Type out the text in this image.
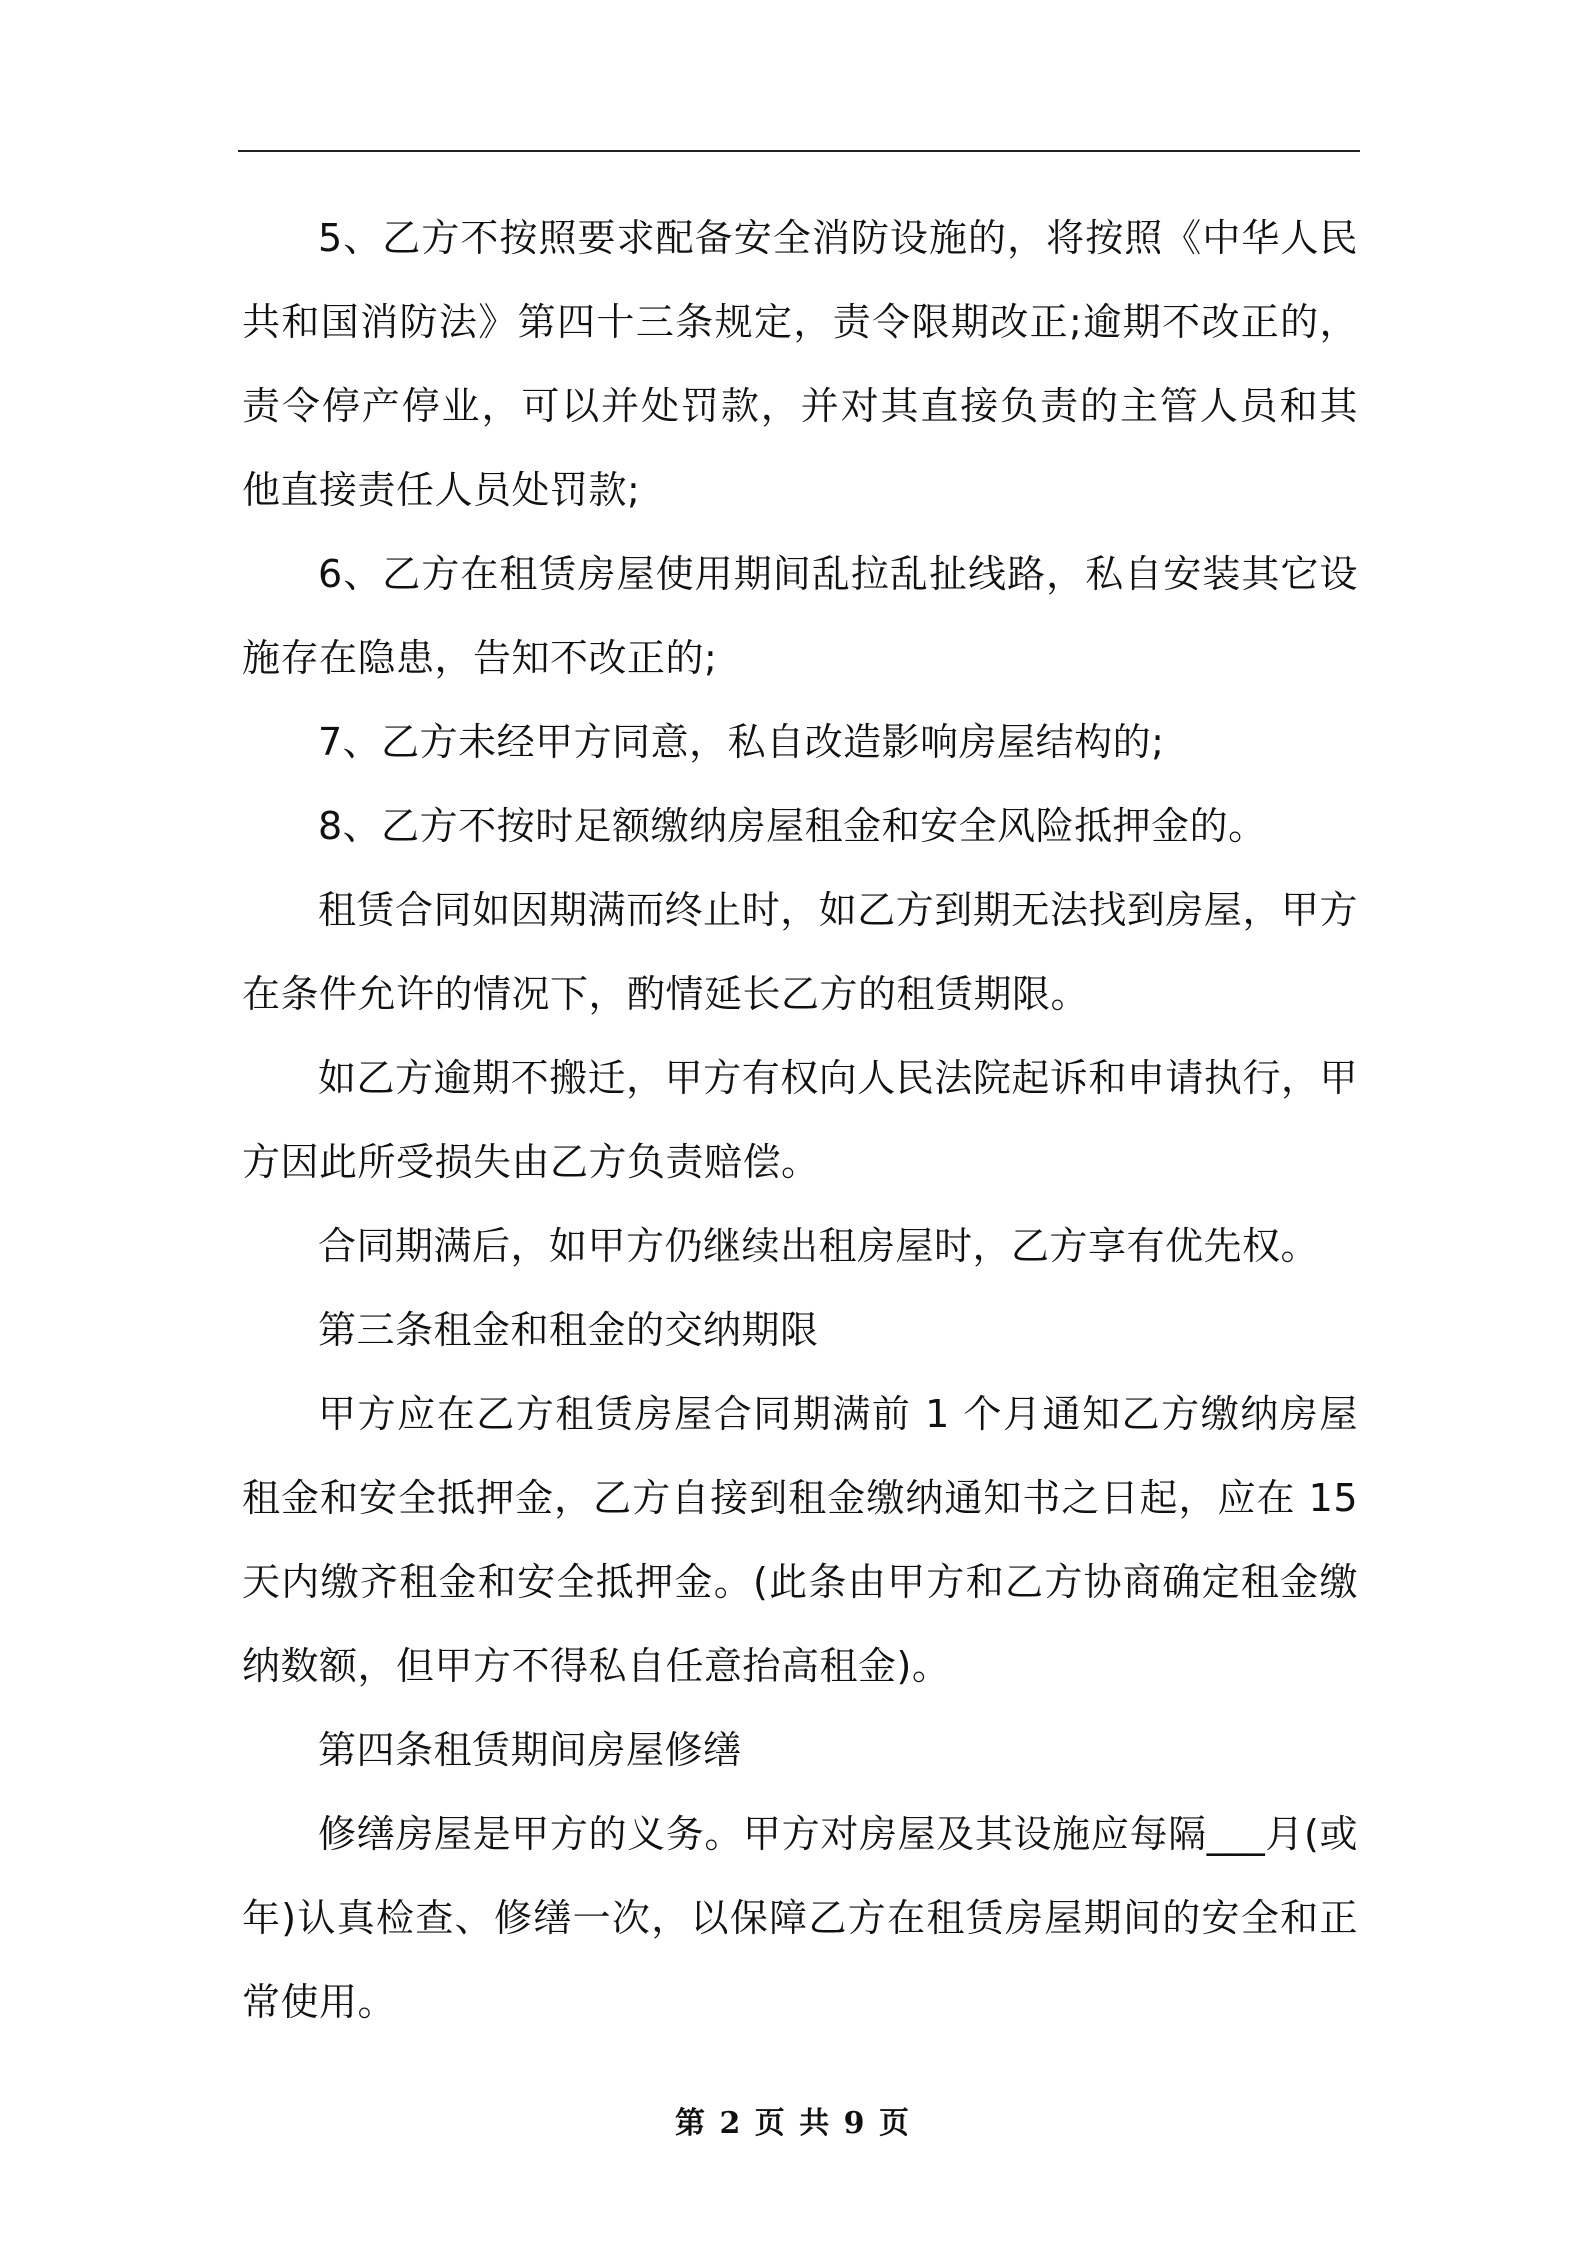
5、乙方不按照要求配备安全消防设施的，将按照《中华人民共和国消防法》第四十三条规定，责令限期改正;逾期不改正的，责令停产停业，可以并处罚款，并对其直接负责的主管人员和其他直接责任人员处罚款;

6、乙方在租赁房屋使用期间乱拉乱扯线路，私自安装其它设施存在隐患，告知不改正的;

7、乙方未经甲方同意，私自改造影响房屋结构的;

8、乙方不按时足额缴纳房屋租金和安全风险抵押金的。

租赁合同如因期满而终止时，如乙方到期无法找到房屋，甲方在条件允许的情况下，酌情延长乙方的租赁期限。

如乙方逾期不搬迁，甲方有权向人民法院起诉和申请执行，甲方因此所受损失由乙方负责赔偿。

合同期满后，如甲方仍继续出租房屋时，乙方享有优先权。

第三条租金和租金的交纳期限

甲方应在乙方租赁房屋合同期满前 1 个月通知乙方缴纳房屋租金和安全抵押金，乙方自接到租金缴纳通知书之日起，应在 15 天内缴齐租金和安全抵押金。(此条由甲方和乙方协商确定租金缴纳数额，但甲方不得私自任意抬高租金)。

第四条租赁期间房屋修缮

修缮房屋是甲方的义务。甲方对房屋及其设施应每隔___月(或年)认真检查、修缮一次，以保障乙方在租赁房屋期间的安全和正常使用。

第 2 页 共 9 页
